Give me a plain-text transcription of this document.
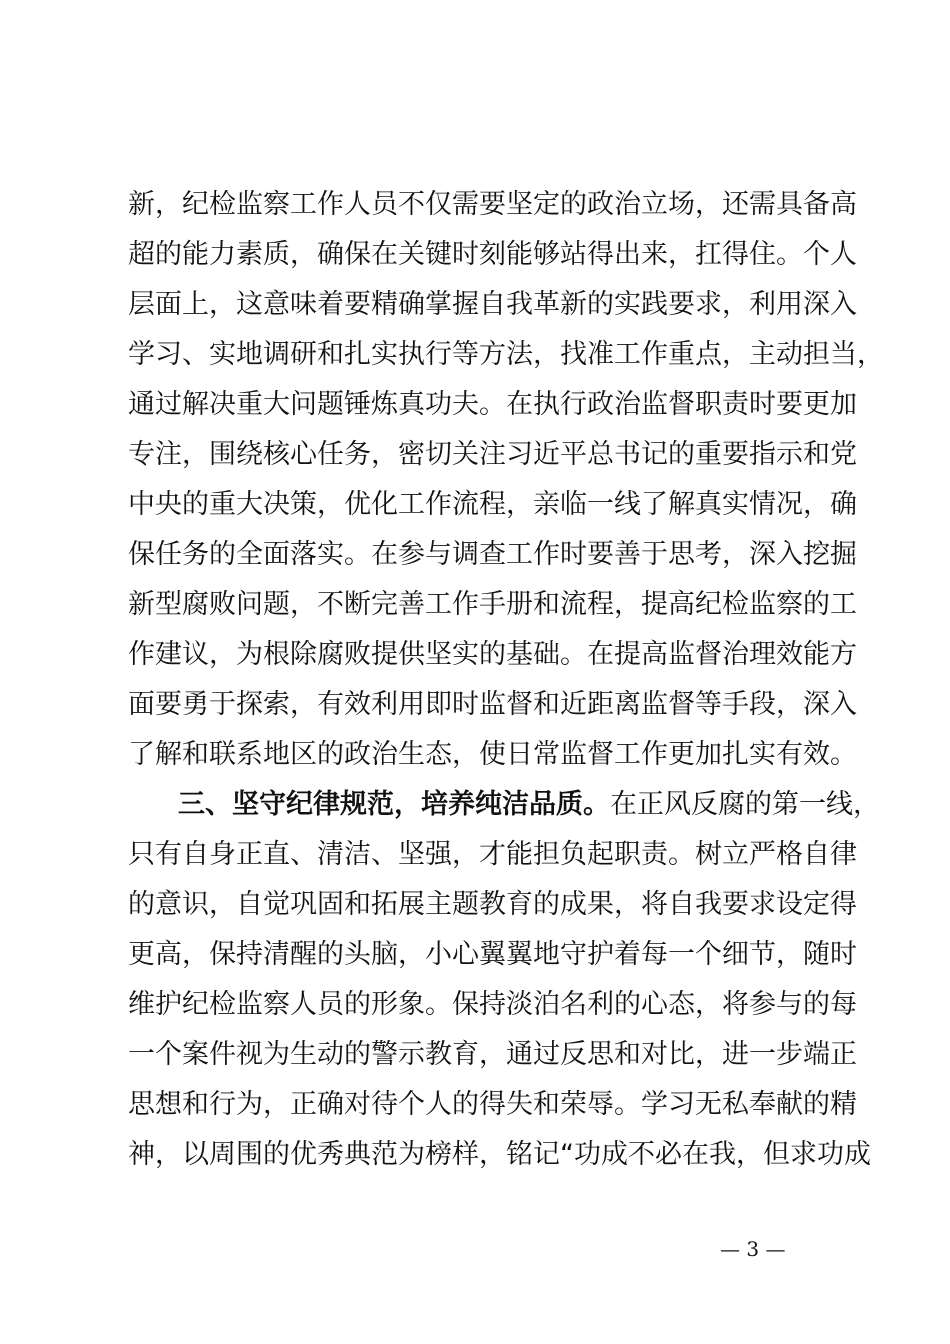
新，纪检监察工作人员不仅需要坚定的政治立场，还需具备高
超的能力素质，确保在关键时刻能够站得出来，扛得住。个人
层面上，这意味着要精确掌握自我革新的实践要求，利用深入
学习、实地调研和扎实执行等方法，找准工作重点，主动担当，
通过解决重大问题锤炼真功夫。在执行政治监督职责时要更加
专注，围绕核心任务，密切关注习近平总书记的重要指示和党
中央的重大决策，优化工作流程，亲临一线了解真实情况，确
保任务的全面落实。在参与调查工作时要善于思考，深入挖掘
新型腐败问题，不断完善工作手册和流程，提高纪检监察的工
作建议，为根除腐败提供坚实的基础。在提高监督治理效能方
面要勇于探索，有效利用即时监督和近距离监督等手段，深入
了解和联系地区的政治生态，使日常监督工作更加扎实有效。
三、坚守纪律规范，培养纯洁品质。在正风反腐的第一线，
只有自身正直、清洁、坚强，才能担负起职责。树立严格自律
的意识，自觉巩固和拓展主题教育的成果，将自我要求设定得
更高，保持清醒的头脑，小心翼翼地守护着每一个细节，随时
维护纪检监察人员的形象。保持淡泊名利的心态，将参与的每
一个案件视为生动的警示教育，通过反思和对比，进一步端正
思想和行为，正确对待个人的得失和荣辱。学习无私奉献的精
神，以周围的优秀典范为榜样，铭记“功成不必在我，但求功成
— 3 —
